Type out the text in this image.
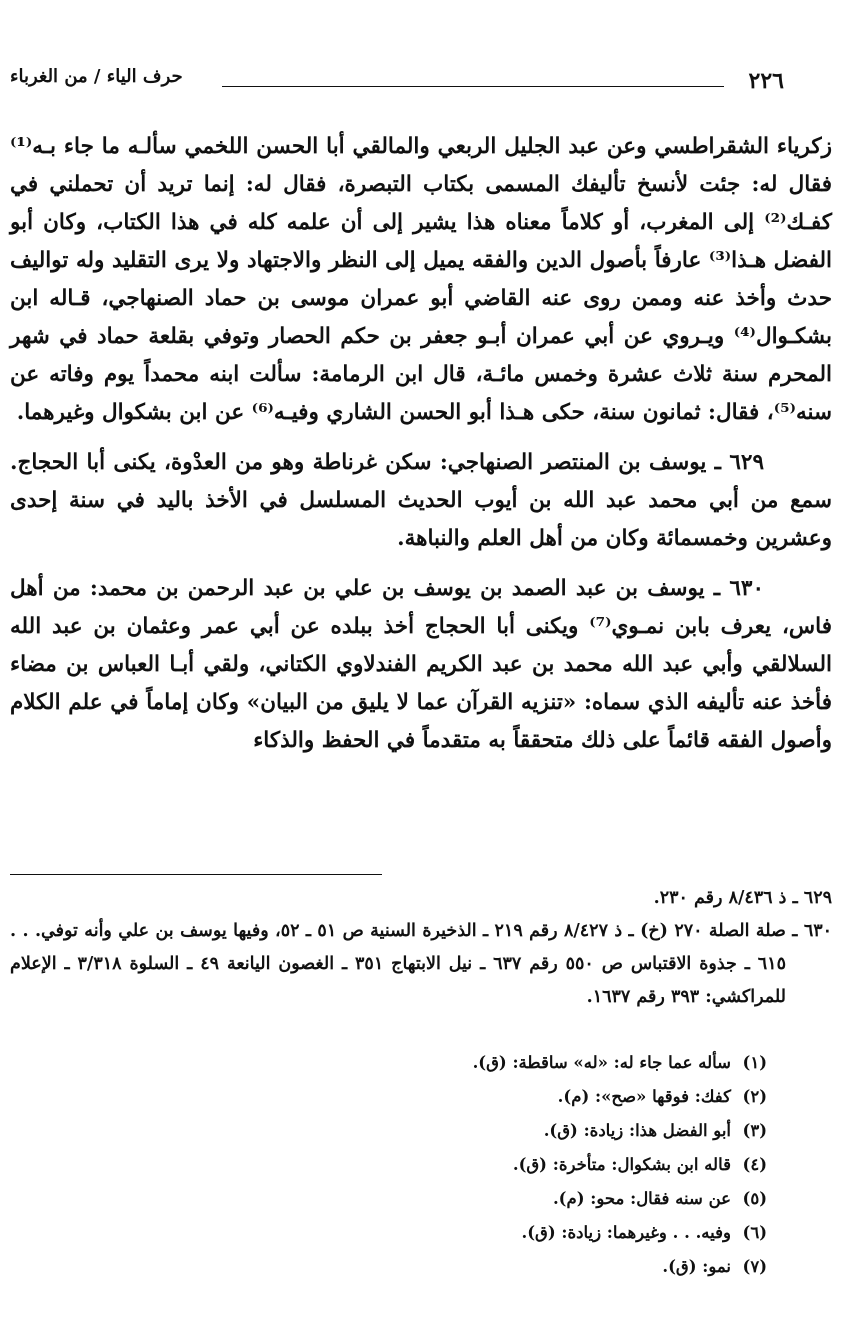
٢٢٦
حرف الياء / من الغرباء

زكرياء الشقراطسي وعن عبد الجليل الربعي والمالقي أبا الحسن اللخمي سألـه ما جاء بـه⁽¹⁾ فقال له: جئت لأنسخ تأليفك المسمى بكتاب التبصرة، فقال له: إنما تريد أن تحملني في كفـك⁽²⁾ إلى المغرب، أو كلاماً معناه هذا يشير إلى أن علمه كله في هذا الكتاب، وكان أبو الفضل هـذا⁽³⁾ عارفاً بأصول الدين والفقه يميل إلى النظر والاجتهاد ولا يرى التقليد وله تواليف حدث وأخذ عنه وممن روى عنه القاضي أبو عمران موسى بن حماد الصنهاجي، قـاله ابن بشكـوال⁽⁴⁾ ويـروي عن أبي عمران أبـو جعفر بن حكم الحصار وتوفي بقلعة حماد في شهر المحرم سنة ثلاث عشرة وخمس مائـة، قال ابن الرمامة: سألت ابنه محمداً يوم وفاته عن سنه⁽⁵⁾، فقال: ثمانون سنة، حكى هـذا أبو الحسن الشاري وفيـه⁽⁶⁾ عن ابن بشكوال وغيرهما.

٦٢٩ ـ يوسف بن المنتصر الصنهاجي: سكن غرناطة وهو من العدْوة، يكنى أبا الحجاج. سمع من أبي محمد عبد الله بن أيوب الحديث المسلسل في الأخذ باليد في سنة إحدى وعشرين وخمسمائة وكان من أهل العلم والنباهة.

٦٣٠ ـ يوسف بن عبد الصمد بن يوسف بن علي بن عبد الرحمن بن محمد: من أهل فاس، يعرف بابن نمـوي⁽⁷⁾ ويكنى أبا الحجاج أخذ ببلده عن أبي عمر وعثمان بن عبد الله السلالقي وأبي عبد الله محمد بن عبد الكريم الفندلاوي الكتاني، ولقي أبـا العباس بن مضاء فأخذ عنه تأليفه الذي سماه: «تنزيه القرآن عما لا يليق من البيان» وكان إماماً في علم الكلام وأصول الفقه قائماً على ذلك متحققاً به متقدماً في الحفظ والذكاء

٦٢٩ ـ ذ ٨/٤٣٦ رقم ٢٣٠.

٦٣٠ ـ صلة الصلة ٢٧٠ (خ) ـ ذ ٨/٤٢٧ رقم ٢١٩ ـ الذخيرة السنية ص ٥١ ـ ٥٢، وفيها يوسف بن علي وأنه توفي. . . ٦١٥ ـ جذوة الاقتباس ص ٥٥٠ رقم ٦٣٧ ـ نيل الابتهاج ٣٥١ ـ الغصون اليانعة ٤٩ ـ السلوة ٣/٣١٨ ـ الإعلام للمراكشي: ٣٩٣ رقم ١٦٣٧.

(١)سأله عما جاء له: «له» ساقطة: (ق).
(٢)كفك: فوقها «صح»: (م).
(٣)أبو الفضل هذا: زيادة: (ق).
(٤)قاله ابن بشكوال: متأخرة: (ق).
(٥)عن سنه فقال: محو: (م).
(٦)وفيه. . . وغيرهما: زيادة: (ق).
(٧)نمو: (ق).
